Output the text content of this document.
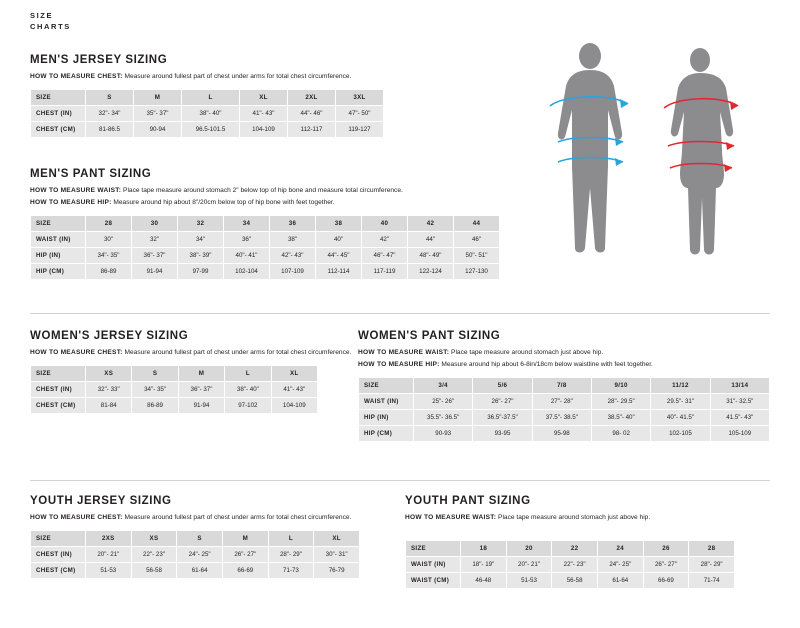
SIZE
CHARTS
MEN'S JERSEY SIZING
HOW TO MEASURE CHEST: Measure around fullest part of chest under arms for total chest circumference.
SIZE	S	M	L	XL	2XL	3XL
CHEST (IN)	32"- 34"	35"- 37"	38"- 40"	41"- 43"	44"- 46"	47"- 50"
CHEST (CM)	81-86.5	90-94	96.5-101.5	104-109	112-117	119-127
MEN'S PANT SIZING
HOW TO MEASURE WAIST: Place tape measure around stomach 2" below top of hip bone and measure total circumference.
HOW TO MEASURE HIP: Measure around hip about 8"/20cm below top of hip bone with feet together.
SIZE	28	30	32	34	36	38	40	42	44
WAIST (IN)	30"	32"	34"	36"	38"	40"	42"	44"	46"
HIP (IN)	34"- 35"	36"- 37"	38"- 39"	40"- 41"	42"- 43"	44"- 45"	46"- 47"	48"- 49"	50"- 51"
HIP (CM)	86-89	91-94	97-99	102-104	107-109	112-114	117-119	122-124	127-130
WOMEN'S JERSEY SIZING
HOW TO MEASURE CHEST: Measure around fullest part of chest under arms for total chest circumference.
SIZE	XS	S	M	L	XL
CHEST (IN)	32"- 33"	34"- 35"	36"- 37"	38"- 40"	41"- 43"
CHEST (CM)	81-84	86-89	91-94	97-102	104-109
WOMEN'S PANT SIZING
HOW TO MEASURE WAIST: Place tape measure around stomach just above hip.
HOW TO MEASURE HIP: Measure around hip about 6-8in/18cm below waistline with feet together.
SIZE	3/4	5/6	7/8	9/10	11/12	13/14
WAIST (IN)	25"- 26"	26"- 27"	27"- 28"	28"- 29.5"	29.5"- 31"	31"- 32.5"
HIP (IN)	35.5"- 36.5"	36.5"-37.5"	37.5"- 38.5"	38.5"- 40"	40"- 41.5"	41.5"- 43"
HIP (CM)	90-93	93-95	95-98	98- 02	102-105	105-109
YOUTH JERSEY SIZING
HOW TO MEASURE CHEST: Measure around fullest part of chest under arms for total chest circumference.
SIZE	2XS	XS	S	M	L	XL
CHEST (IN)	20"- 21"	22"- 23"	24"- 25"	26"- 27"	28"- 29"	30"- 31"
CHEST (CM)	51-53	56-58	61-64	66-69	71-73	76-79
YOUTH PANT SIZING
HOW TO MEASURE WAIST: Place tape measure around stomach just above hip.
SIZE	18	20	22	24	26	28
WAIST (IN)	18"- 19"	20"- 21"	22"- 23"	24"- 25"	26"- 27"	28"- 29"
WAIST (CM)	46-48	51-53	56-58	61-64	66-69	71-74
